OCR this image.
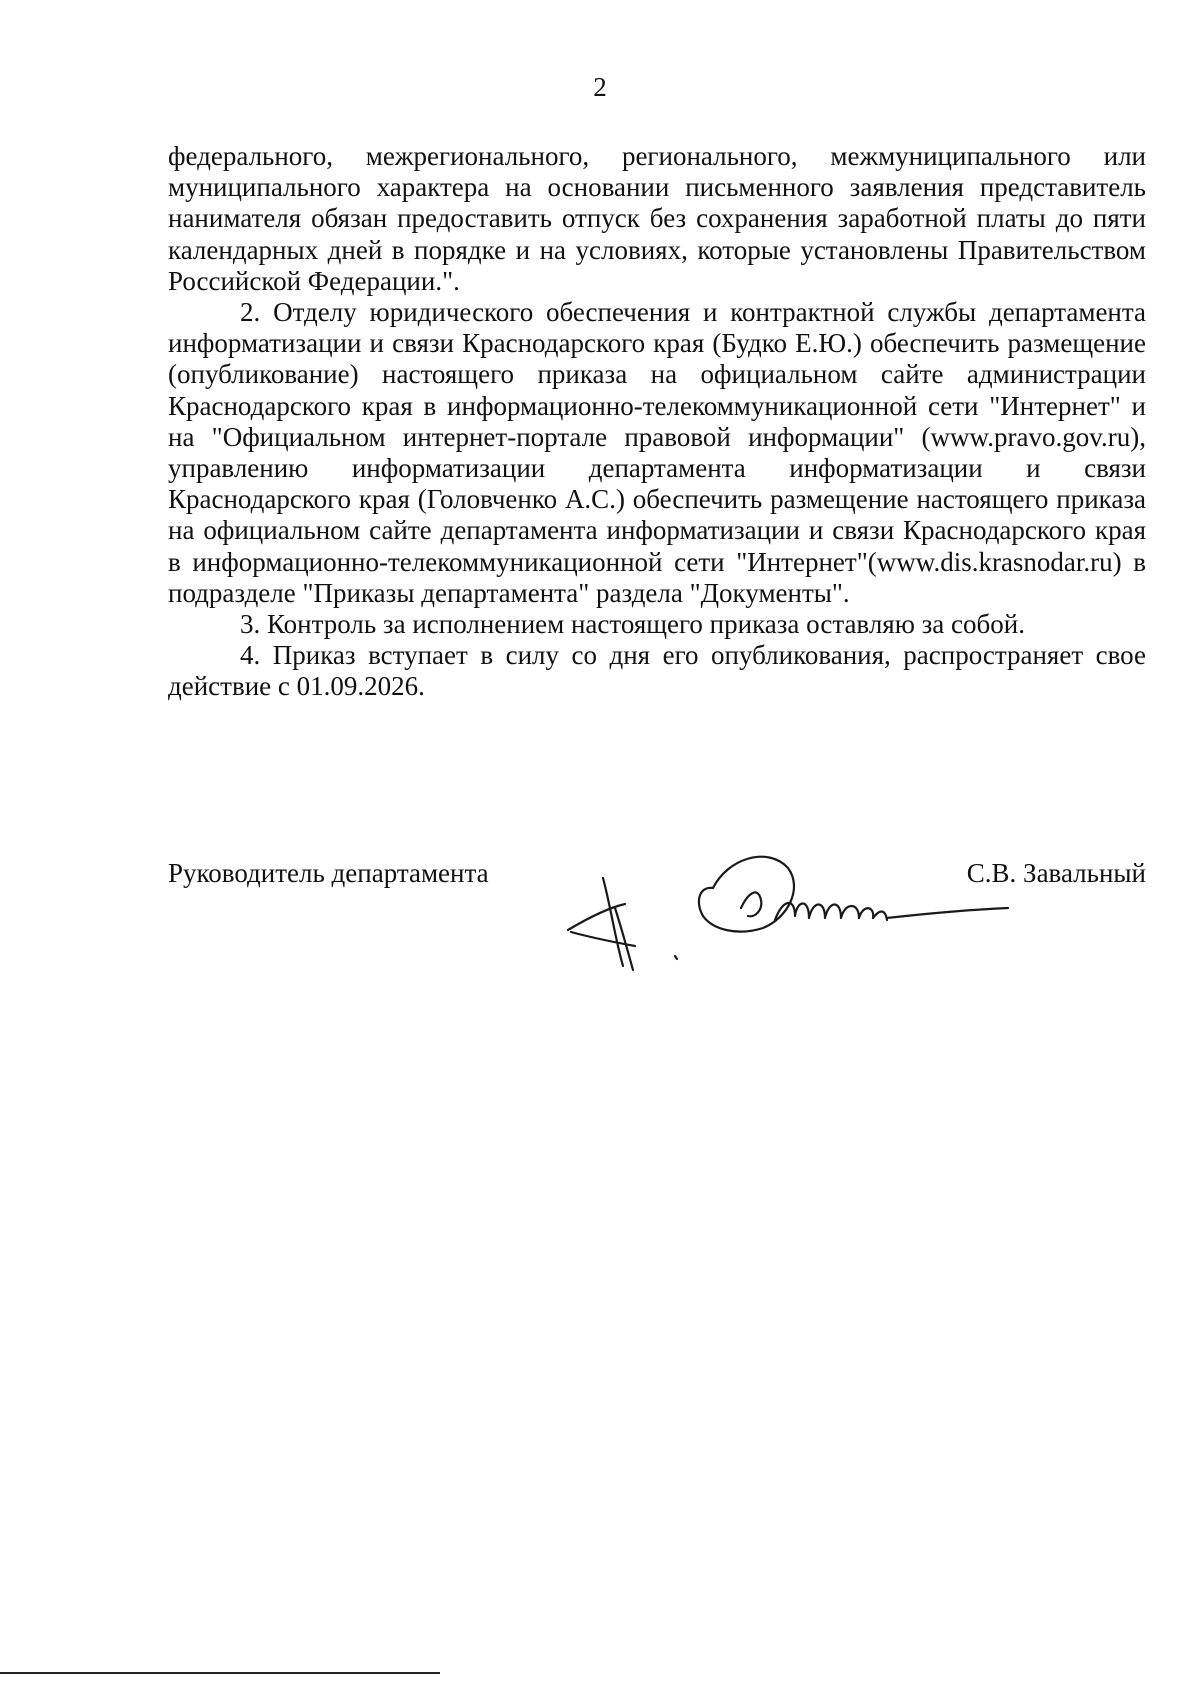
2

федерального, межрегионального, регионального, межмуниципального или муниципального характера на основании письменного заявления представитель нанимателя обязан предоставить отпуск без сохранения заработной платы до пяти календарных дней в порядке и на условиях, которые установлены Правительством Российской Федерации.".

2. Отделу юридического обеспечения и контрактной службы департамента информатизации и связи Краснодарского края (Будко Е.Ю.) обеспечить размещение (опубликование) настоящего приказа на официальном сайте администрации Краснодарского края в информационно-телекоммуникационной сети "Интернет" и на "Официальном интернет-портале правовой информации" (www.pravo.gov.ru), управлению информатизации департамента информатизации и связи Краснодарского края (Головченко А.С.) обеспечить размещение настоящего приказа на официальном сайте департамента информатизации и связи Краснодарского края в информационно-телекоммуникационной сети "Интернет"(www.dis.krasnodar.ru) в подразделе "Приказы департамента" раздела "Документы".

3. Контроль за исполнением настоящего приказа оставляю за собой.

4. Приказ вступает в силу со дня его опубликования, распространяет свое действие с 01.09.2026.

Руководитель департамента	С.В. Завальный
